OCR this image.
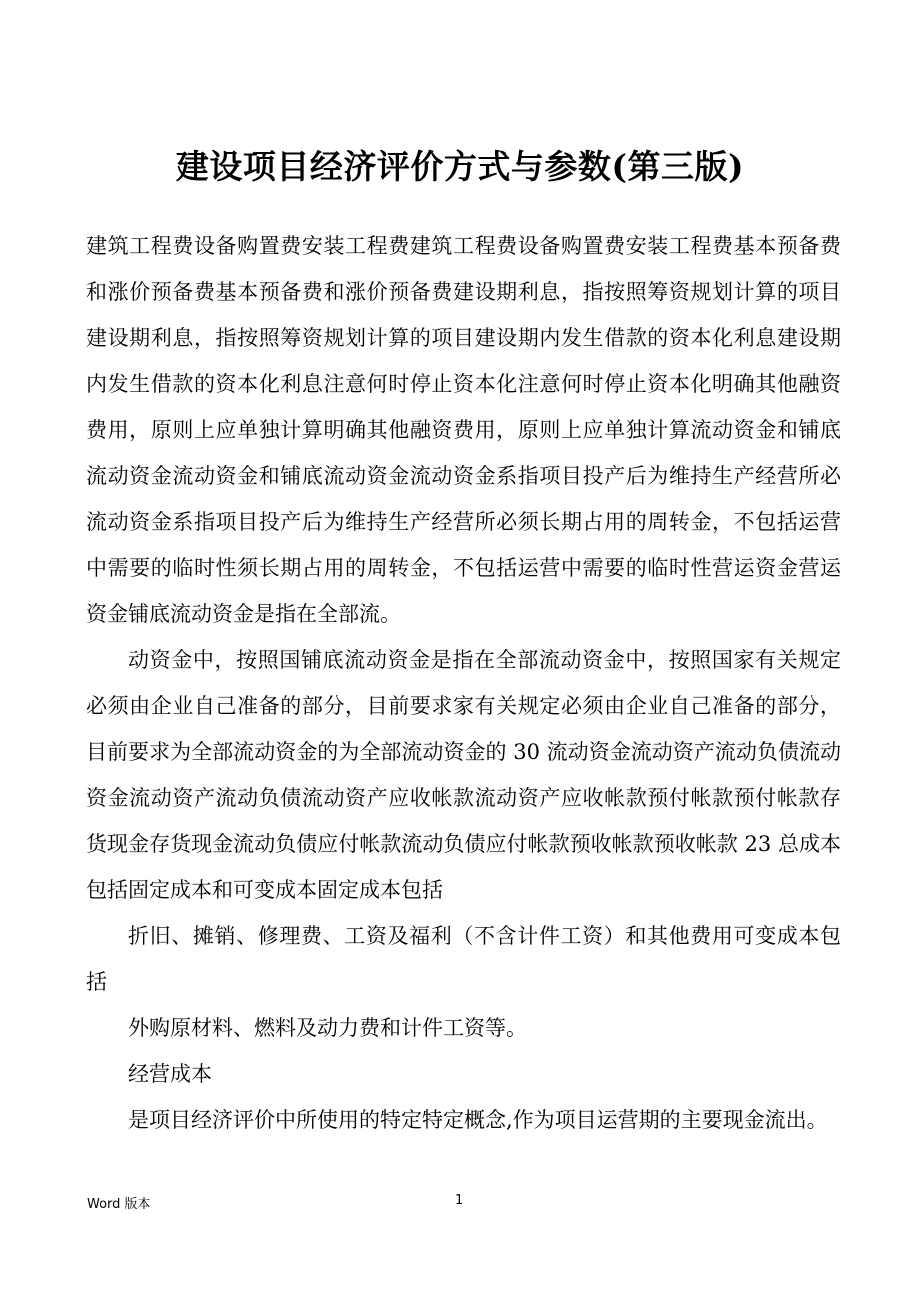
建设项目经济评价方式与参数(第三版)

建筑工程费设备购置费安装工程费建筑工程费设备购置费安装工程费基本预备费和涨价预备费基本预备费和涨价预备费建设期利息，指按照筹资规划计算的项目建设期利息，指按照筹资规划计算的项目建设期内发生借款的资本化利息建设期内发生借款的资本化利息注意何时停止资本化注意何时停止资本化明确其他融资费用，原则上应单独计算明确其他融资费用，原则上应单独计算流动资金和铺底流动资金流动资金和铺底流动资金流动资金系指项目投产后为维持生产经营所必流动资金系指项目投产后为维持生产经营所必须长期占用的周转金，不包括运营中需要的临时性须长期占用的周转金，不包括运营中需要的临时性营运资金营运资金铺底流动资金是指在全部流。

动资金中，按照国铺底流动资金是指在全部流动资金中，按照国家有关规定必须由企业自己准备的部分，目前要求家有关规定必须由企业自己准备的部分，目前要求为全部流动资金的为全部流动资金的 30 流动资金流动资产流动负债流动资金流动资产流动负债流动资产应收帐款流动资产应收帐款预付帐款预付帐款存货现金存货现金流动负债应付帐款流动负债应付帐款预收帐款预收帐款 23 总成本包括固定成本和可变成本固定成本包括

折旧、摊销、修理费、工资及福利（不含计件工资）和其他费用可变成本包括

外购原材料、燃料及动力费和计件工资等。

经营成本

是项目经济评价中所使用的特定特定概念,作为项目运营期的主要现金流出。

Word 版本	1
